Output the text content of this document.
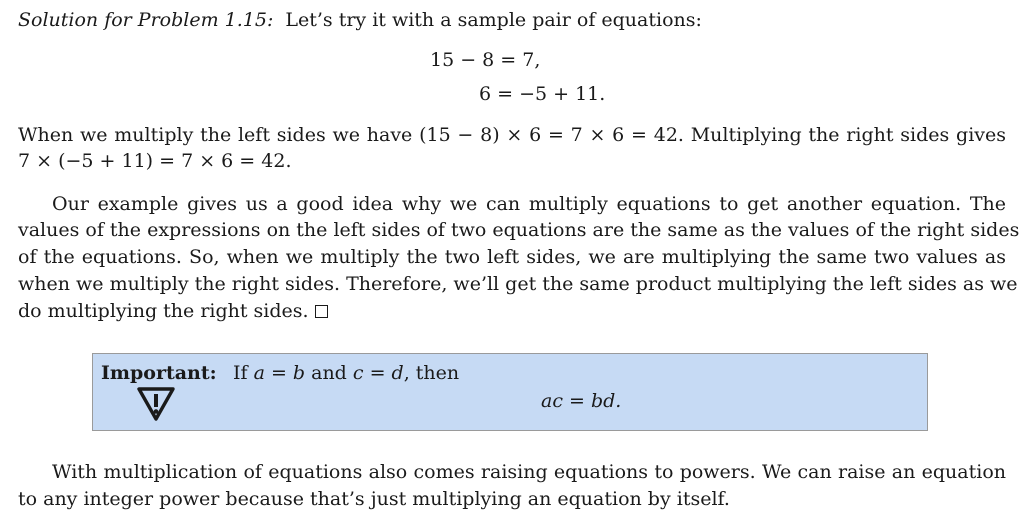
Solution for Problem 1.15: Let’s try it with a sample pair of equations:
15 − 8 = 7,
6 = −5 + 11.
When we multiply the left sides we have (15 − 8) × 6 = 7 × 6 = 42. Multiplying the right sides gives
7 × (−5 + 11) = 7 × 6 = 42.
Our example gives us a good idea why we can multiply equations to get another equation. The
values of the expressions on the left sides of two equations are the same as the values of the right sides
of the equations. So, when we multiply the two left sides, we are multiplying the same two values as
when we multiply the right sides. Therefore, we’ll get the same product multiplying the left sides as we
do multiplying the right sides.
Important: If a = b and c = d, then
ac = bd.
With multiplication of equations also comes raising equations to powers. We can raise an equation
to any integer power because that’s just multiplying an equation by itself.
